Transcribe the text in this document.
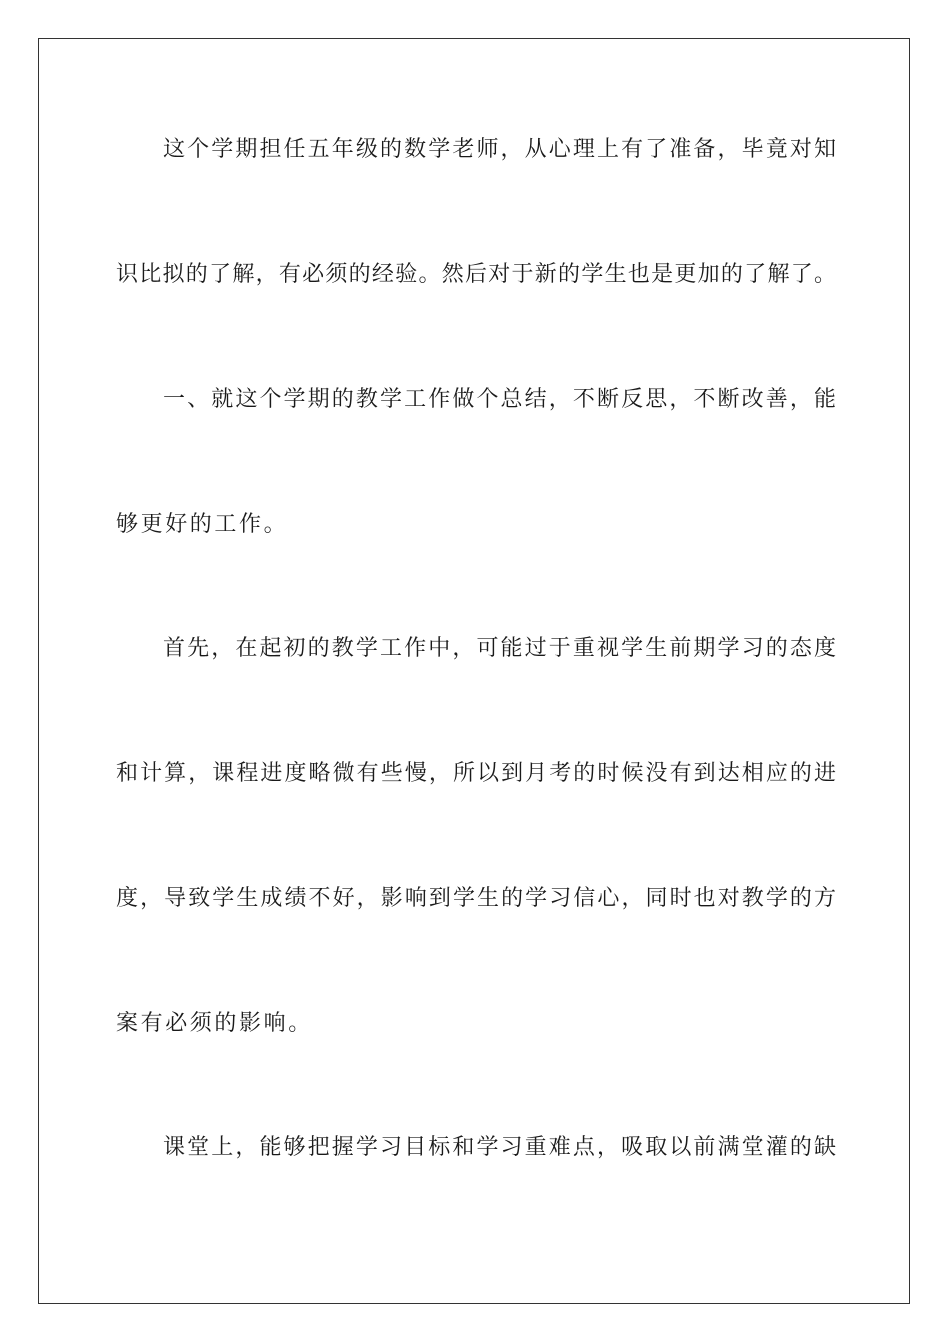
这个学期担任五年级的数学老师，从心理上有了准备，毕竟对知
识比拟的了解，有必须的经验。然后对于新的学生也是更加的了解了。
一、就这个学期的教学工作做个总结，不断反思，不断改善，能
够更好的工作。
首先，在起初的教学工作中，可能过于重视学生前期学习的态度
和计算，课程进度略微有些慢，所以到月考的时候没有到达相应的进
度，导致学生成绩不好，影响到学生的学习信心，同时也对教学的方
案有必须的影响。
课堂上，能够把握学习目标和学习重难点，吸取以前满堂灌的缺
